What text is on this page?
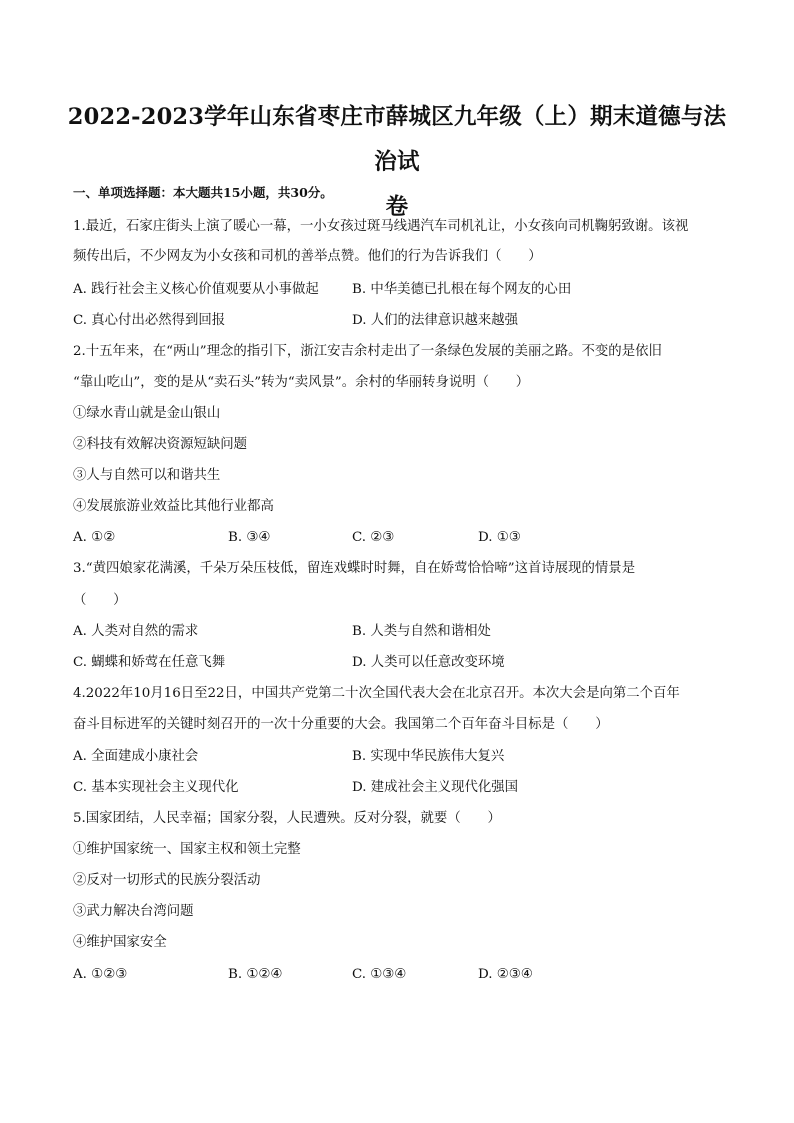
2022-2023学年山东省枣庄市薛城区九年级（上）期末道德与法治试
卷
一、单项选择题：本大题共15小题，共30分。
1.最近，石家庄街头上演了暖心一幕，一小女孩过斑马线遇汽车司机礼让，小女孩向司机鞠躬致谢。该视
频传出后，不少网友为小女孩和司机的善举点赞。他们的行为告诉我们（　　）
A. 践行社会主义核心价值观要从小事做起 B. 中华美德已扎根在每个网友的心田
C. 真心付出必然得到回报	D. 人们的法律意识越来越强
2.十五年来，在“两山”理念的指引下，浙江安吉余村走出了一条绿色发展的美丽之路。不变的是依旧
“靠山吃山”，变的是从“卖石头”转为“卖风景”。余村的华丽转身说明（　　）
①绿水青山就是金山银山
②科技有效解决资源短缺问题
③人与自然可以和谐共生
④发展旅游业效益比其他行业都高
A. ①②	B. ③④	C. ②③	D. ①③
3.“黄四娘家花满溪，千朵万朵压枝低，留连戏蝶时时舞，自在娇莺恰恰啼”这首诗展现的情景是
（　　）
A. 人类对自然的需求	B. 人类与自然和谐相处
C. 蝴蝶和娇莺在任意飞舞	D. 人类可以任意改变环境
4.2022年10月16日至22日，中国共产党第二十次全国代表大会在北京召开。本次大会是向第二个百年
奋斗目标进军的关键时刻召开的一次十分重要的大会。我国第二个百年奋斗目标是（　　）
A. 全面建成小康社会	B. 实现中华民族伟大复兴
C. 基本实现社会主义现代化	D. 建成社会主义现代化强国
5.国家团结，人民幸福；国家分裂，人民遭殃。反对分裂，就要（　　）
①维护国家统一、国家主权和领土完整
②反对一切形式的民族分裂活动
③武力解决台湾问题
④维护国家安全
A. ①②③	B. ①②④	C. ①③④	D. ②③④
